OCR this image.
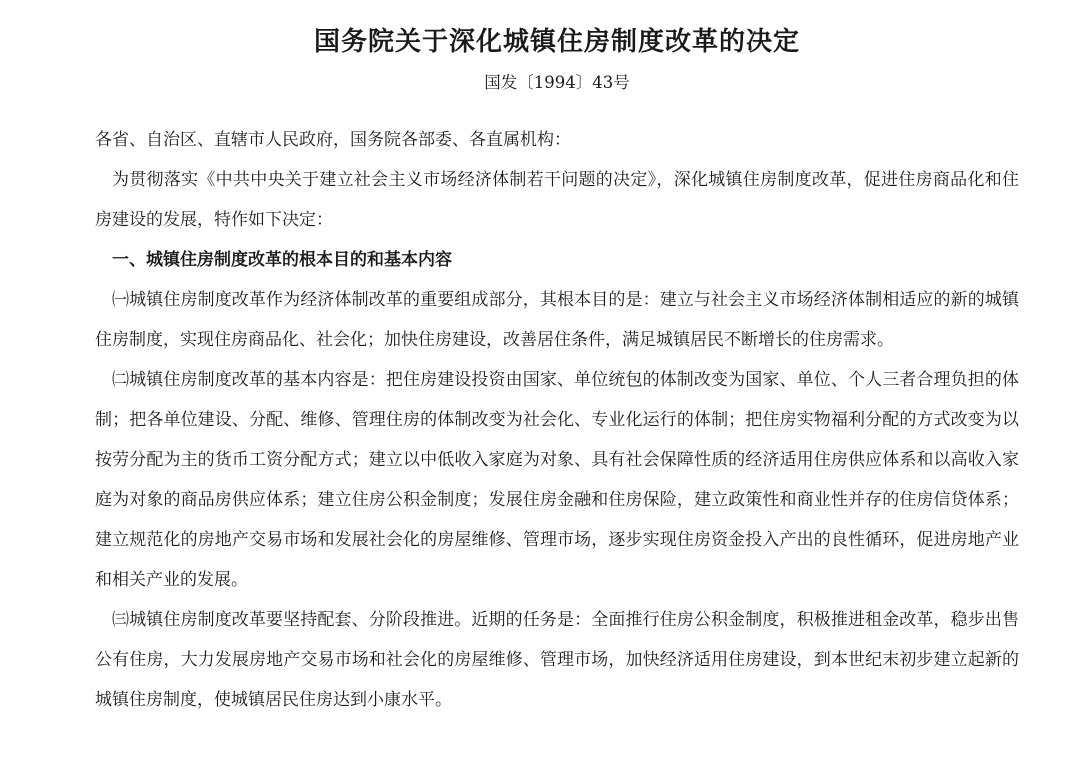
国务院关于深化城镇住房制度改革的决定

国发〔1994〕43号

各省、自治区、直辖市人民政府，国务院各部委、各直属机构：

为贯彻落实《中共中央关于建立社会主义市场经济体制若干问题的决定》，深化城镇住房制度改革，促进住房商品化和住房建设的发展，特作如下决定：

一、城镇住房制度改革的根本目的和基本内容

㈠城镇住房制度改革作为经济体制改革的重要组成部分，其根本目的是：建立与社会主义市场经济体制相适应的新的城镇住房制度，实现住房商品化、社会化；加快住房建设，改善居住条件，满足城镇居民不断增长的住房需求。

㈡城镇住房制度改革的基本内容是：把住房建设投资由国家、单位统包的体制改变为国家、单位、个人三者合理负担的体制；把各单位建设、分配、维修、管理住房的体制改变为社会化、专业化运行的体制；把住房实物福利分配的方式改变为以按劳分配为主的货币工资分配方式；建立以中低收入家庭为对象、具有社会保障性质的经济适用住房供应体系和以高收入家庭为对象的商品房供应体系；建立住房公积金制度；发展住房金融和住房保险，建立政策性和商业性并存的住房信贷体系；建立规范化的房地产交易市场和发展社会化的房屋维修、管理市场，逐步实现住房资金投入产出的良性循环，促进房地产业和相关产业的发展。

㈢城镇住房制度改革要坚持配套、分阶段推进。近期的任务是：全面推行住房公积金制度，积极推进租金改革，稳步出售公有住房，大力发展房地产交易市场和社会化的房屋维修、管理市场，加快经济适用住房建设，到本世纪末初步建立起新的城镇住房制度，使城镇居民住房达到小康水平。
